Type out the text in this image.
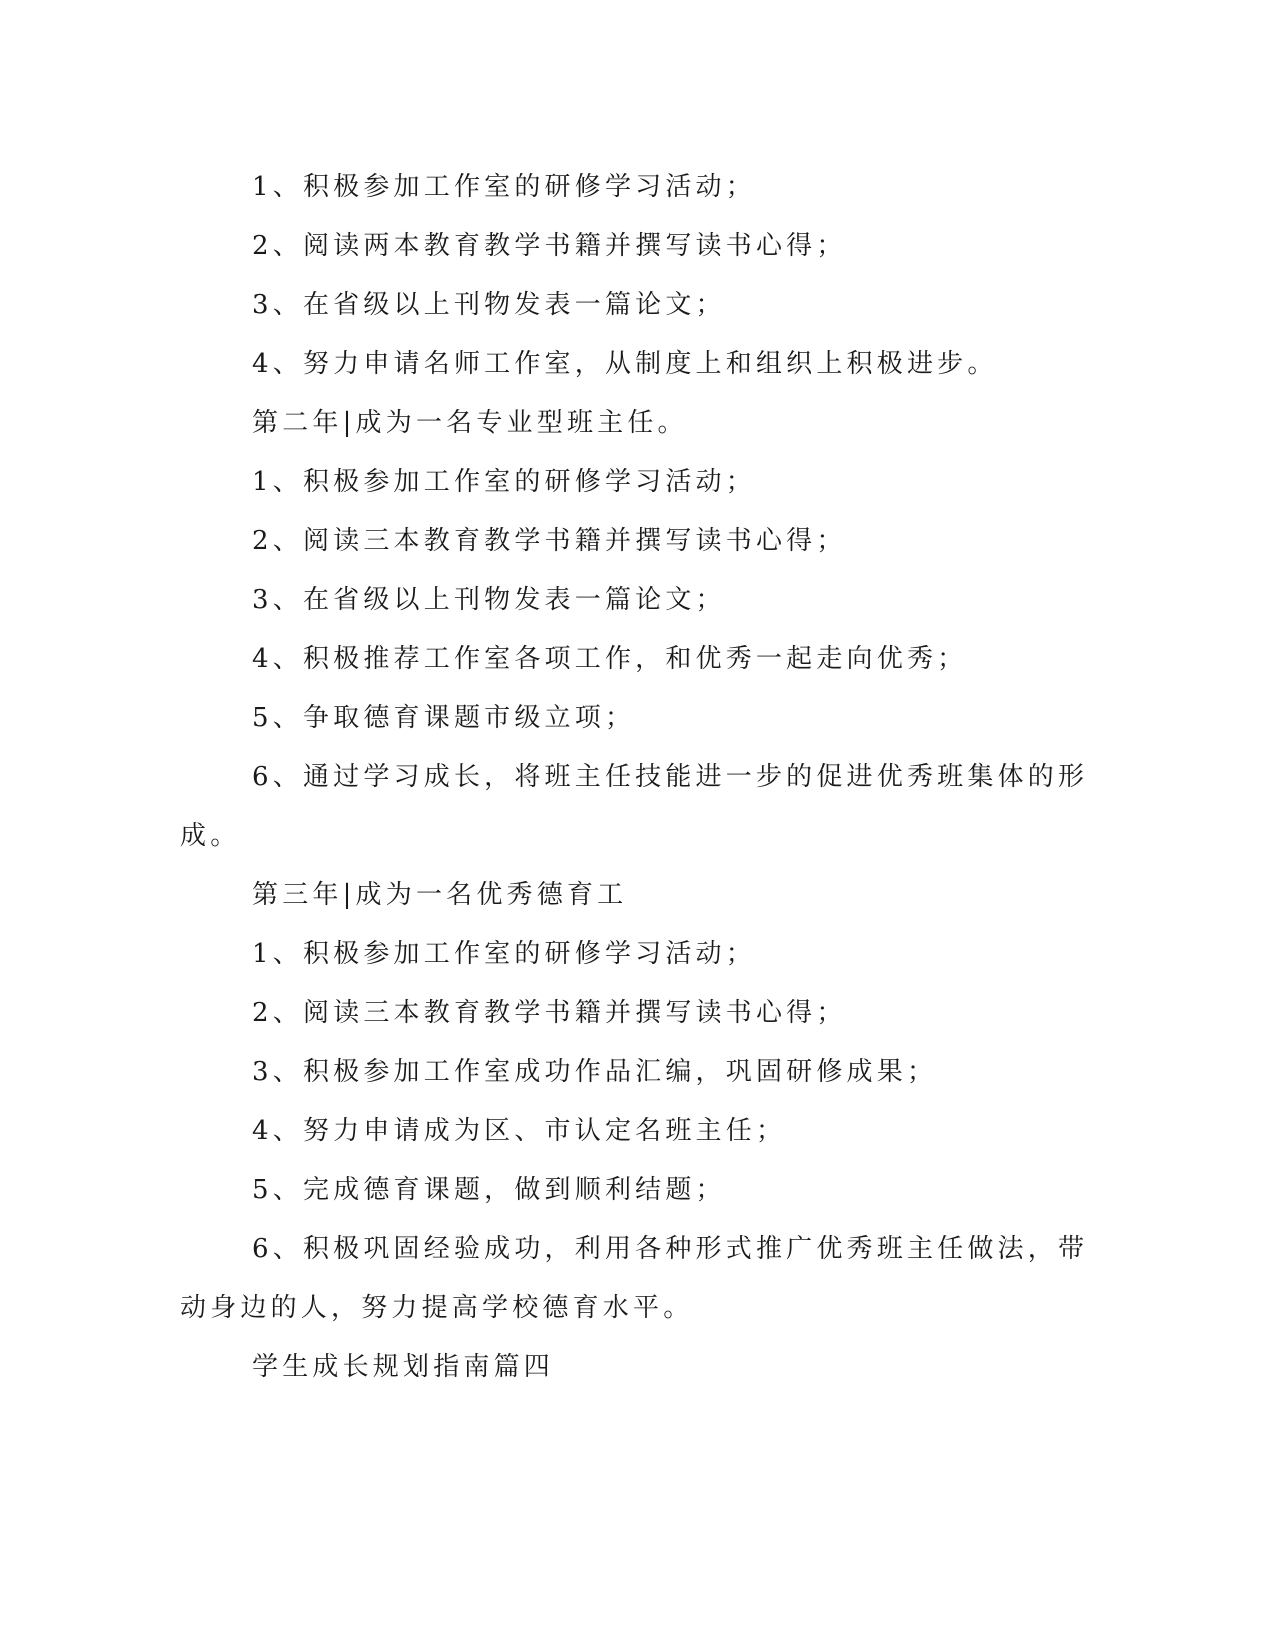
1、积极参加工作室的研修学习活动；
2、阅读两本教育教学书籍并撰写读书心得；
3、在省级以上刊物发表一篇论文；
4、努力申请名师工作室，从制度上和组织上积极进步。
第二年|成为一名专业型班主任。
1、积极参加工作室的研修学习活动；
2、阅读三本教育教学书籍并撰写读书心得；
3、在省级以上刊物发表一篇论文；
4、积极推荐工作室各项工作，和优秀一起走向优秀；
5、争取德育课题市级立项；
6、通过学习成长，将班主任技能进一步的促进优秀班集体的形
成。
第三年|成为一名优秀德育工
1、积极参加工作室的研修学习活动；
2、阅读三本教育教学书籍并撰写读书心得；
3、积极参加工作室成功作品汇编，巩固研修成果；
4、努力申请成为区、市认定名班主任；
5、完成德育课题，做到顺利结题；
6、积极巩固经验成功，利用各种形式推广优秀班主任做法，带
动身边的人，努力提高学校德育水平。
学生成长规划指南篇四
